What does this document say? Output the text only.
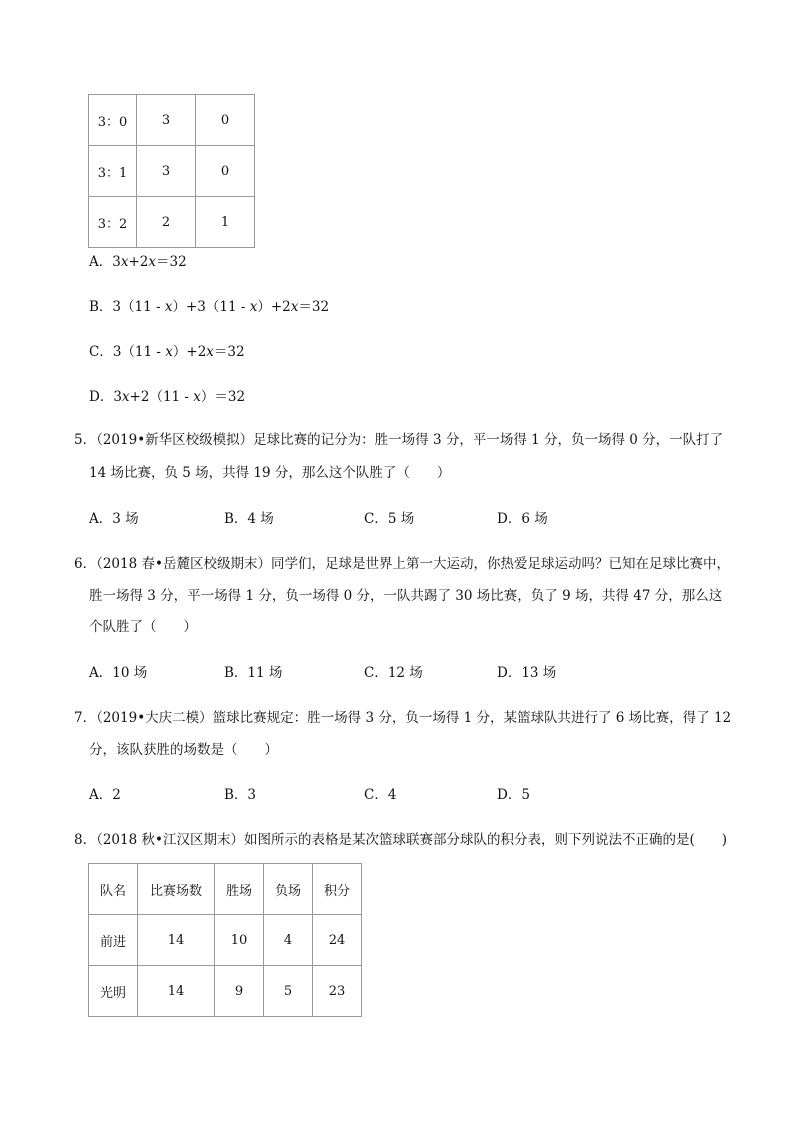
3：0	3	0
3：1	3	0
3：2	2	1
A．3x+2x＝32
B．3（11 - x）+3（11 - x）+2x＝32
C．3（11 - x）+2x＝32
D．3x+2（11 - x）＝32
5．（2019•新华区校级模拟）足球比赛的记分为：胜一场得 3 分，平一场得 1 分，负一场得 0 分，一队打了
14 场比赛，负 5 场，共得 19 分，那么这个队胜了（　　）
A．3 场	B．4 场	C．5 场	D．6 场
6．（2018 春•岳麓区校级期末）同学们，足球是世界上第一大运动，你热爱足球运动吗？已知在足球比赛中，
胜一场得 3 分，平一场得 1 分，负一场得 0 分，一队共踢了 30 场比赛，负了 9 场，共得 47 分，那么这
个队胜了（　　）
A．10 场	B．11 场	C．12 场	D．13 场
7．（2019•大庆二模）篮球比赛规定：胜一场得 3 分，负一场得 1 分，某篮球队共进行了 6 场比赛，得了 12
分，该队获胜的场数是（　　）
A．2	B．3	C．4	D．5
8．（2018 秋•江汉区期末）如图所示的表格是某次篮球联赛部分球队的积分表，则下列说法不正确的是(　　)
队名	比赛场数	胜场	负场	积分
前进	14	10	4	24
光明	14	9	5	23
